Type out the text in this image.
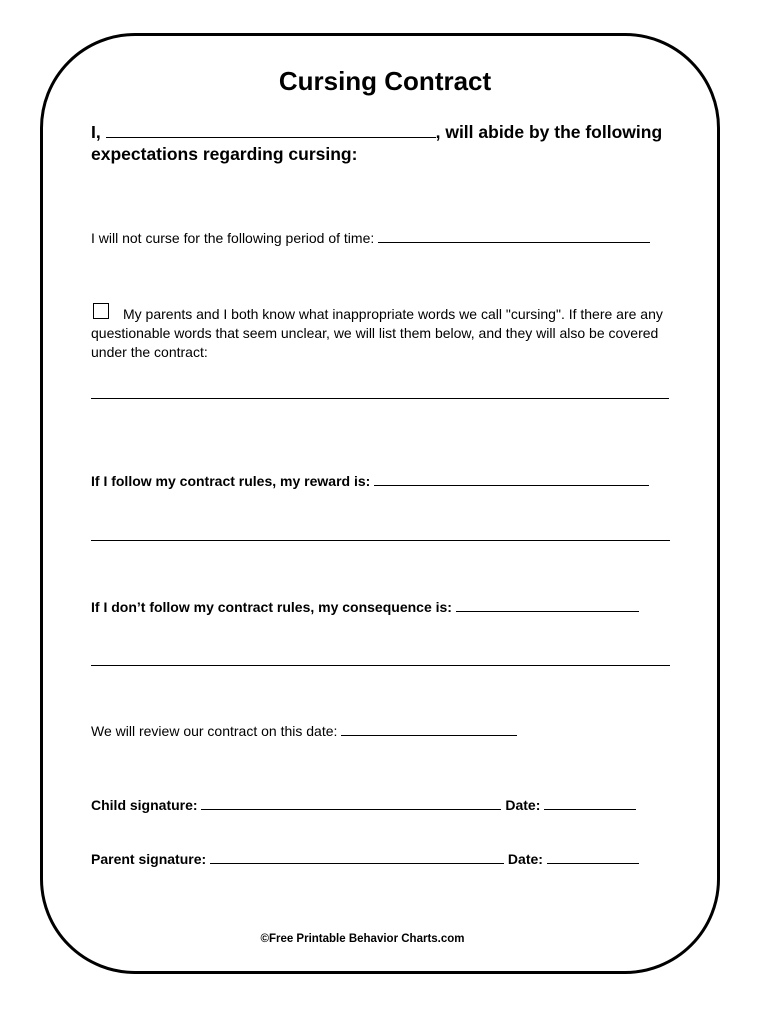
Cursing Contract
I,	, will abide by the following
expectations regarding cursing:
I will not curse for the following period of time:
My parents and I both know what inappropriate words we call "cursing". If there are any questionable words that seem unclear, we will list them below, and they will also be covered under the contract:
If I follow my contract rules, my reward is:
If I don’t follow my contract rules, my consequence is:
We will review our contract on this date:
Child signature:	Date:
Parent signature:	Date:
©Free Printable Behavior Charts.com
